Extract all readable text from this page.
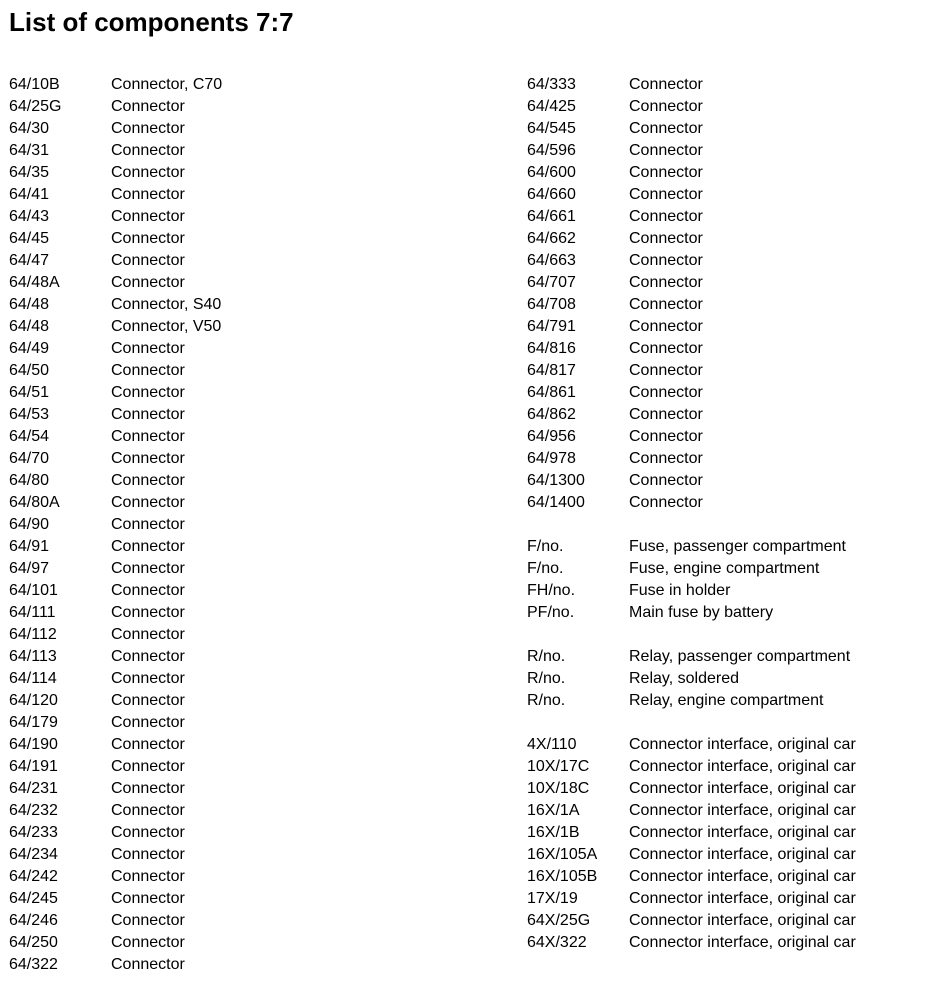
List of components 7:7
64/10B	Connector, C70
64/25G	Connector
64/30	Connector
64/31	Connector
64/35	Connector
64/41	Connector
64/43	Connector
64/45	Connector
64/47	Connector
64/48A	Connector
64/48	Connector, S40
64/48	Connector, V50
64/49	Connector
64/50	Connector
64/51	Connector
64/53	Connector
64/54	Connector
64/70	Connector
64/80	Connector
64/80A	Connector
64/90	Connector
64/91	Connector
64/97	Connector
64/101	Connector
64/111	Connector
64/112	Connector
64/113	Connector
64/114	Connector
64/120	Connector
64/179	Connector
64/190	Connector
64/191	Connector
64/231	Connector
64/232	Connector
64/233	Connector
64/234	Connector
64/242	Connector
64/245	Connector
64/246	Connector
64/250	Connector
64/322	Connector
64/333	Connector
64/425	Connector
64/545	Connector
64/596	Connector
64/600	Connector
64/660	Connector
64/661	Connector
64/662	Connector
64/663	Connector
64/707	Connector
64/708	Connector
64/791	Connector
64/816	Connector
64/817	Connector
64/861	Connector
64/862	Connector
64/956	Connector
64/978	Connector
64/1300	Connector
64/1400	Connector
F/no.	Fuse, passenger compartment
F/no.	Fuse, engine compartment
FH/no.	Fuse in holder
PF/no.	Main fuse by battery
R/no.	Relay, passenger compartment
R/no.	Relay, soldered
R/no.	Relay, engine compartment
4X/110	Connector interface, original car
10X/17C Connector interface, original car
10X/18C Connector interface, original car
16X/1A	Connector interface, original car
16X/1B	Connector interface, original car
16X/105A Connector interface, original car
16X/105B Connector interface, original car
17X/19	Connector interface, original car
64X/25G Connector interface, original car
64X/322	Connector interface, original car
